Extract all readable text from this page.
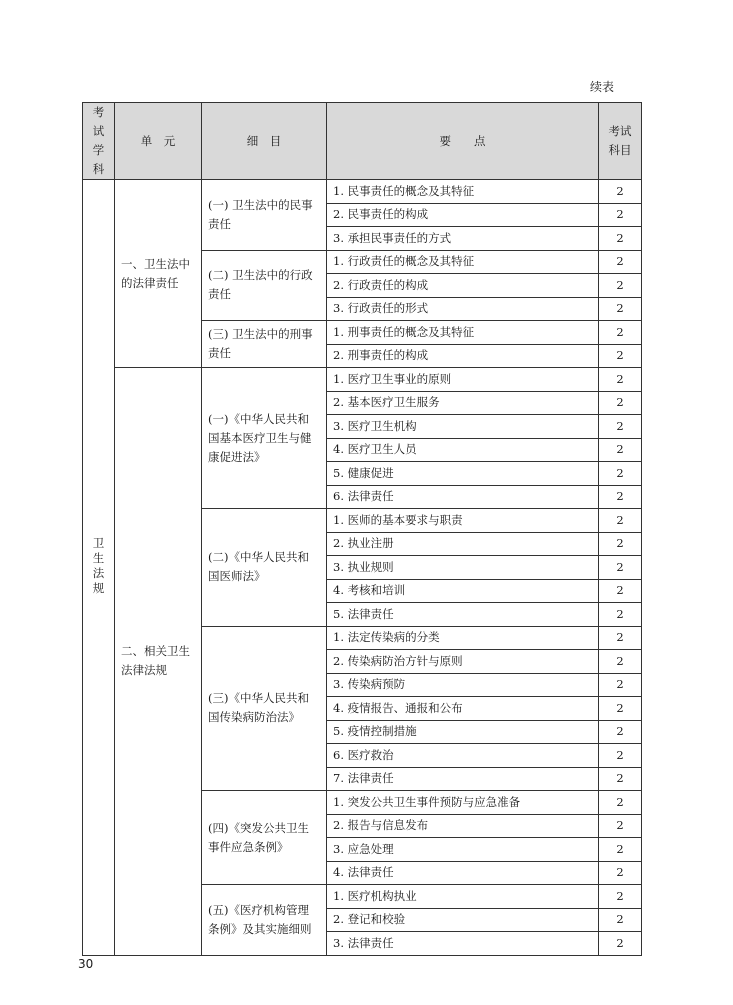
续表
考试学科	单　元	细　目	要　　点	考试科目
卫生法规	一、卫生法中的法律责任	(一) 卫生法中的民事责任	1. 民事责任的概念及其特征	2
			2. 民事责任的构成	2
			3. 承担民事责任的方式	2
		(二) 卫生法中的行政责任	1. 行政责任的概念及其特征	2
			2. 行政责任的构成	2
			3. 行政责任的形式	2
		(三) 卫生法中的刑事责任	1. 刑事责任的概念及其特征	2
			2. 刑事责任的构成	2
	二、相关卫生法律法规	(一)《中华人民共和国基本医疗卫生与健康促进法》	1. 医疗卫生事业的原则	2
			2. 基本医疗卫生服务	2
			3. 医疗卫生机构	2
			4. 医疗卫生人员	2
			5. 健康促进	2
			6. 法律责任	2
		(二)《中华人民共和国医师法》	1. 医师的基本要求与职责	2
			2. 执业注册	2
			3. 执业规则	2
			4. 考核和培训	2
			5. 法律责任	2
		(三)《中华人民共和国传染病防治法》	1. 法定传染病的分类	2
			2. 传染病防治方针与原则	2
			3. 传染病预防	2
			4. 疫情报告、通报和公布	2
			5. 疫情控制措施	2
			6. 医疗救治	2
			7. 法律责任	2
		(四)《突发公共卫生事件应急条例》	1. 突发公共卫生事件预防与应急准备	2
			2. 报告与信息发布	2
			3. 应急处理	2
			4. 法律责任	2
		(五)《医疗机构管理条例》及其实施细则	1. 医疗机构执业	2
			2. 登记和校验	2
			3. 法律责任	2
30
